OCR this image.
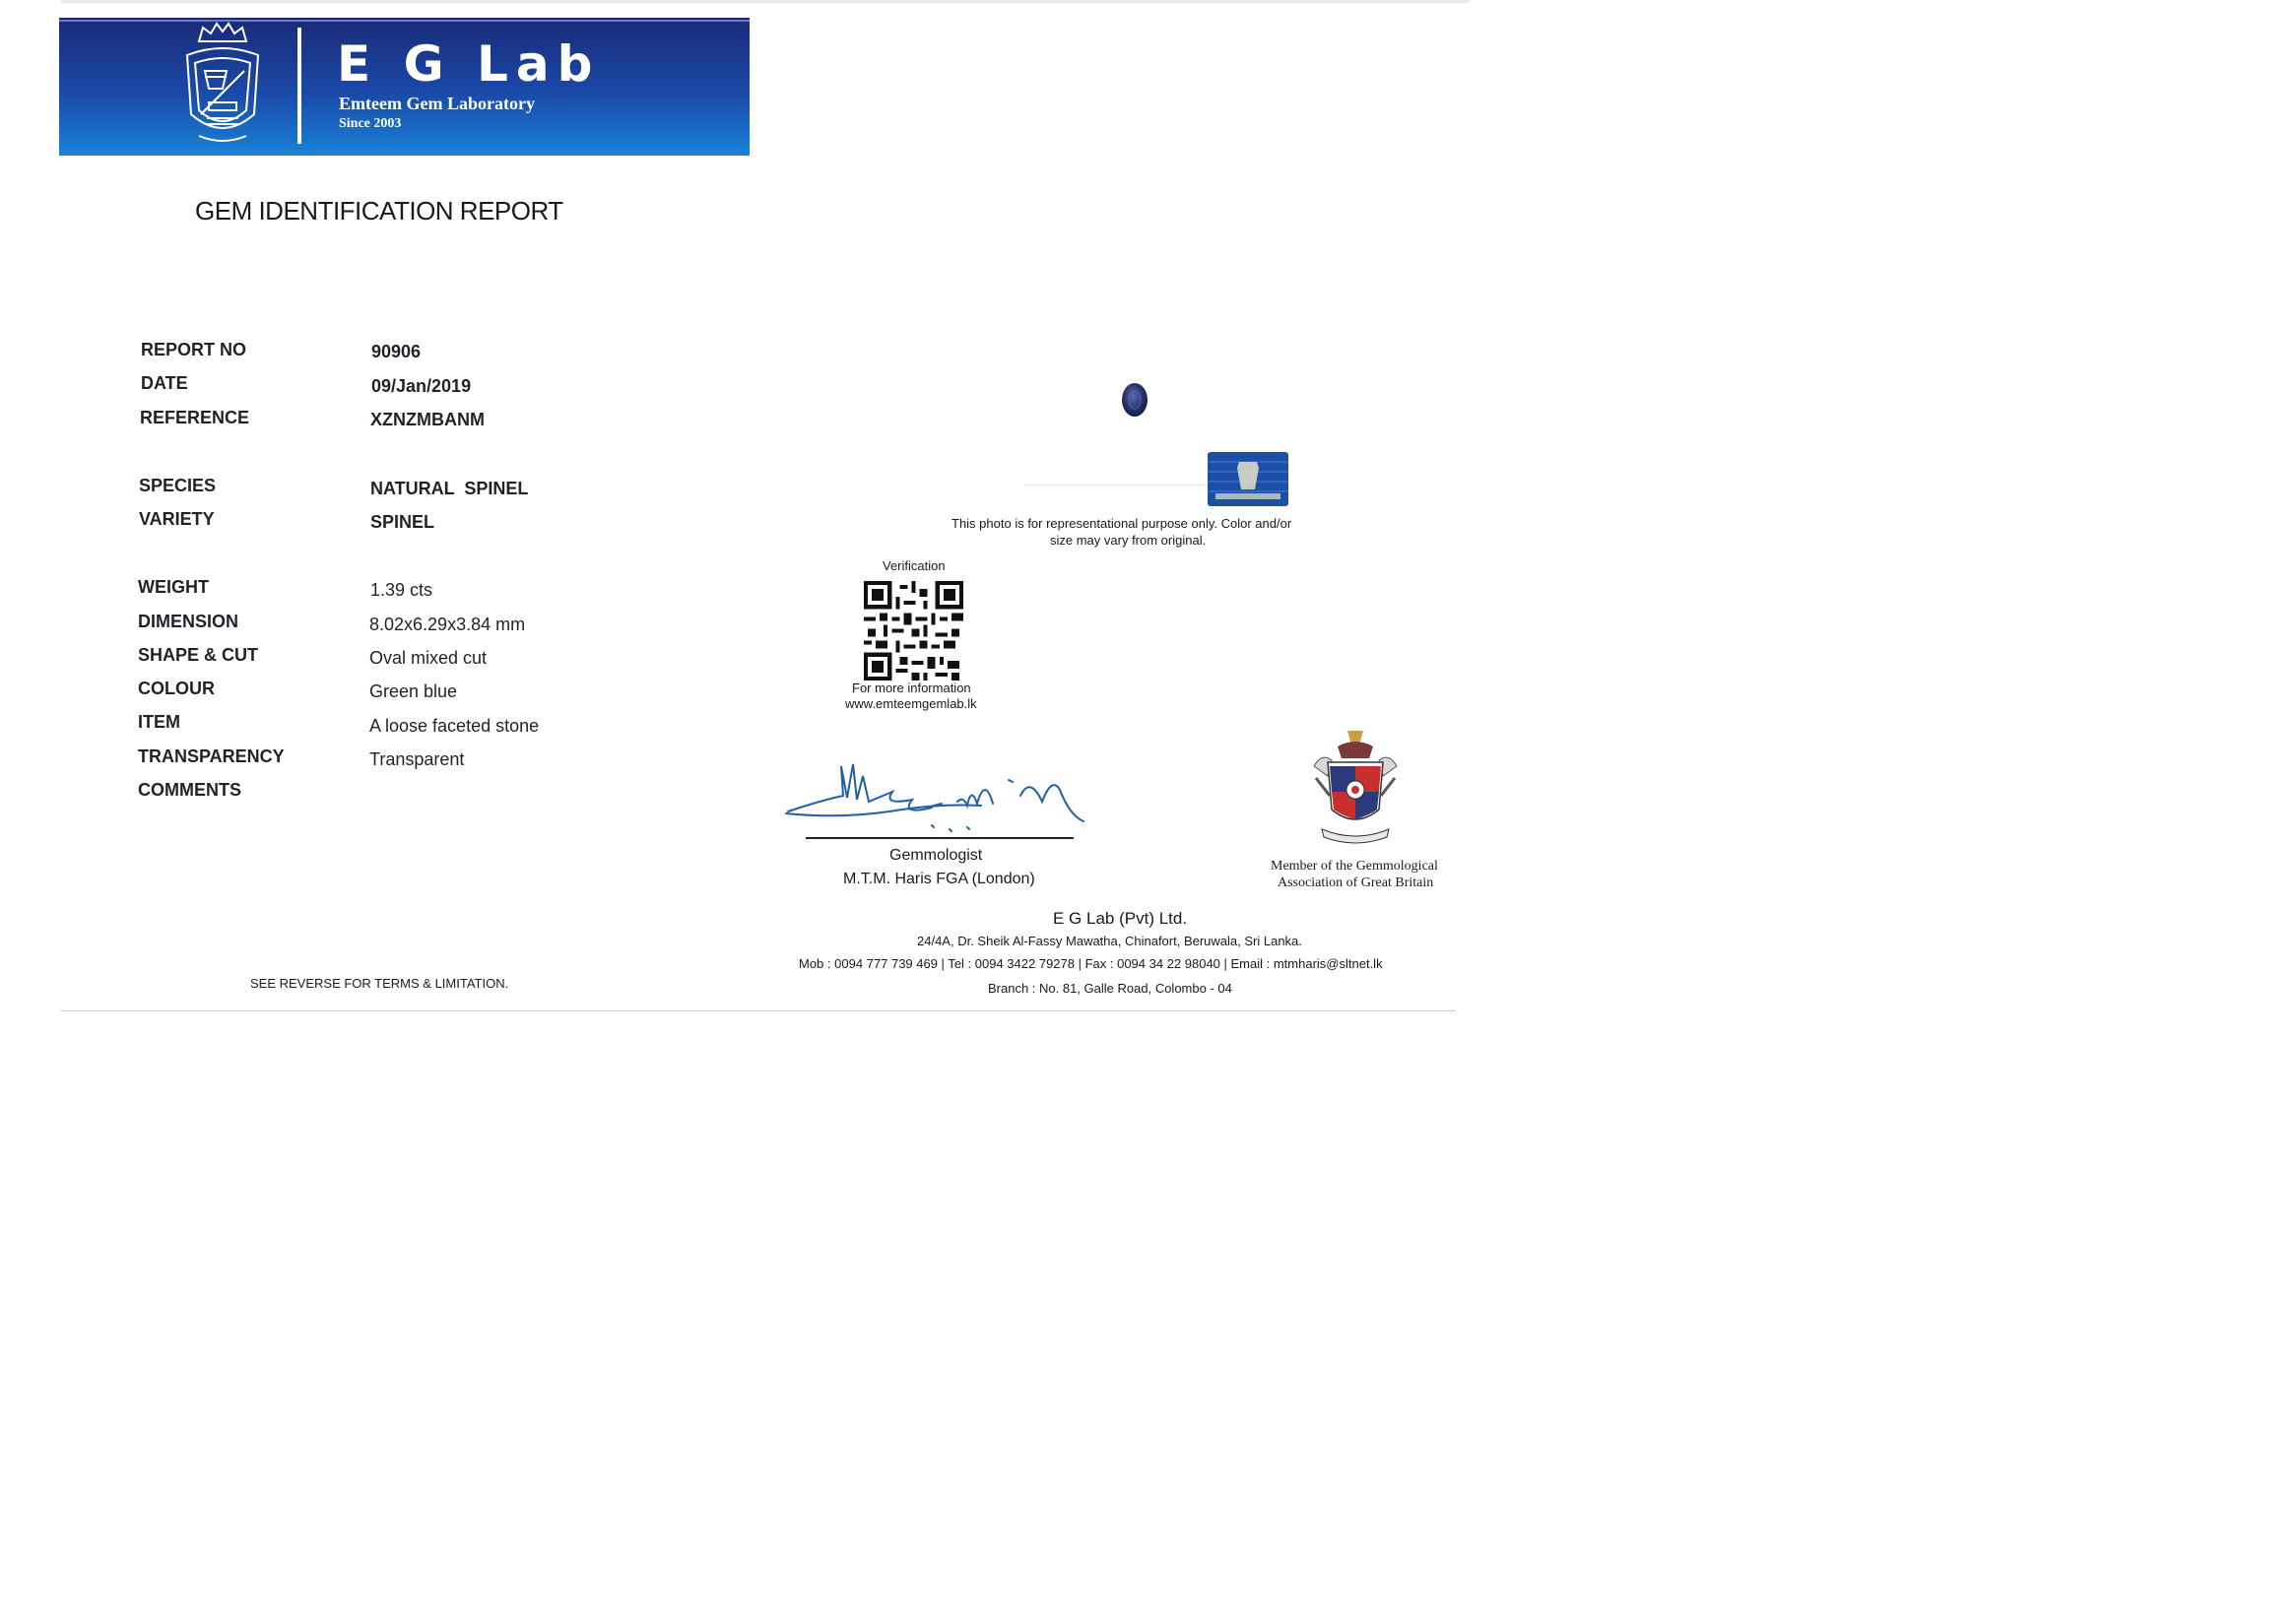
E G Lab
Emteem Gem Laboratory
Since 2003
GEM IDENTIFICATION REPORT
REPORT NO	90906
DATE	09/Jan/2019
REFERENCE	XZNZMBANM
SPECIES	NATURAL  SPINEL
VARIETY	SPINEL
WEIGHT	1.39 cts
DIMENSION	8.02x6.29x3.84 mm
SHAPE & CUT	Oval mixed cut
COLOUR	Green blue
ITEM	A loose faceted stone
TRANSPARENCY	Transparent
COMMENTS
SEE REVERSE FOR TERMS & LIMITATION.
This photo is for representational purpose only. Color and/or
size may vary from original.
Verification
For more information
www.emteemgemlab.lk
Gemmologist
M.T.M. Haris FGA (London)
Member of the Gemmological
Association of Great Britain
E G Lab (Pvt) Ltd.
24/4A, Dr. Sheik Al-Fassy Mawatha, Chinafort, Beruwala, Sri Lanka.
Mob : 0094 777 739 469 | Tel : 0094 3422 79278 | Fax : 0094 34 22 98040 | Email : mtmharis@sltnet.lk
Branch : No. 81, Galle Road, Colombo - 04
